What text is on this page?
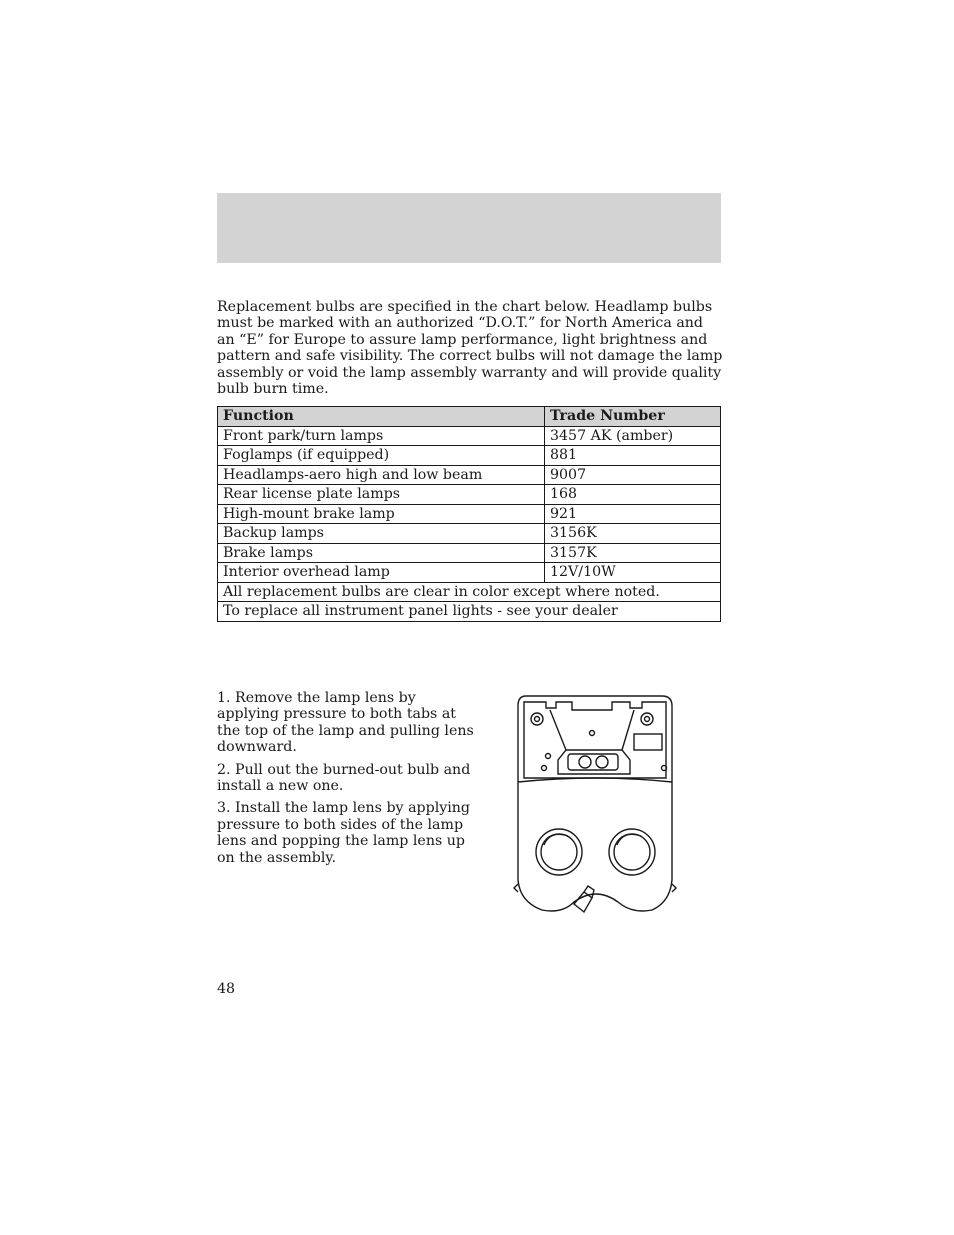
Replacement bulbs are specified in the chart below. Headlamp bulbs must be marked with an authorized “D.O.T.” for North America and an “E” for Europe to assure lamp performance, light brightness and pattern and safe visibility. The correct bulbs will not damage the lamp assembly or void the lamp assembly warranty and will provide quality bulb burn time.

Function	Trade Number
Front park/turn lamps	3457 AK (amber)
Foglamps (if equipped)	881
Headlamps-aero high and low beam	9007
Rear license plate lamps	168
High-mount brake lamp	921
Backup lamps	3156K
Brake lamps	3157K
Interior overhead lamp	12V/10W
All replacement bulbs are clear in color except where noted.	
To replace all instrument panel lights - see your dealer	

1. Remove the lamp lens by applying pressure to both tabs at the top of the lamp and pulling lens downward.

2. Pull out the burned-out bulb and install a new one.

3. Install the lamp lens by applying pressure to both sides of the lamp lens and popping the lamp lens up on the assembly.

48
